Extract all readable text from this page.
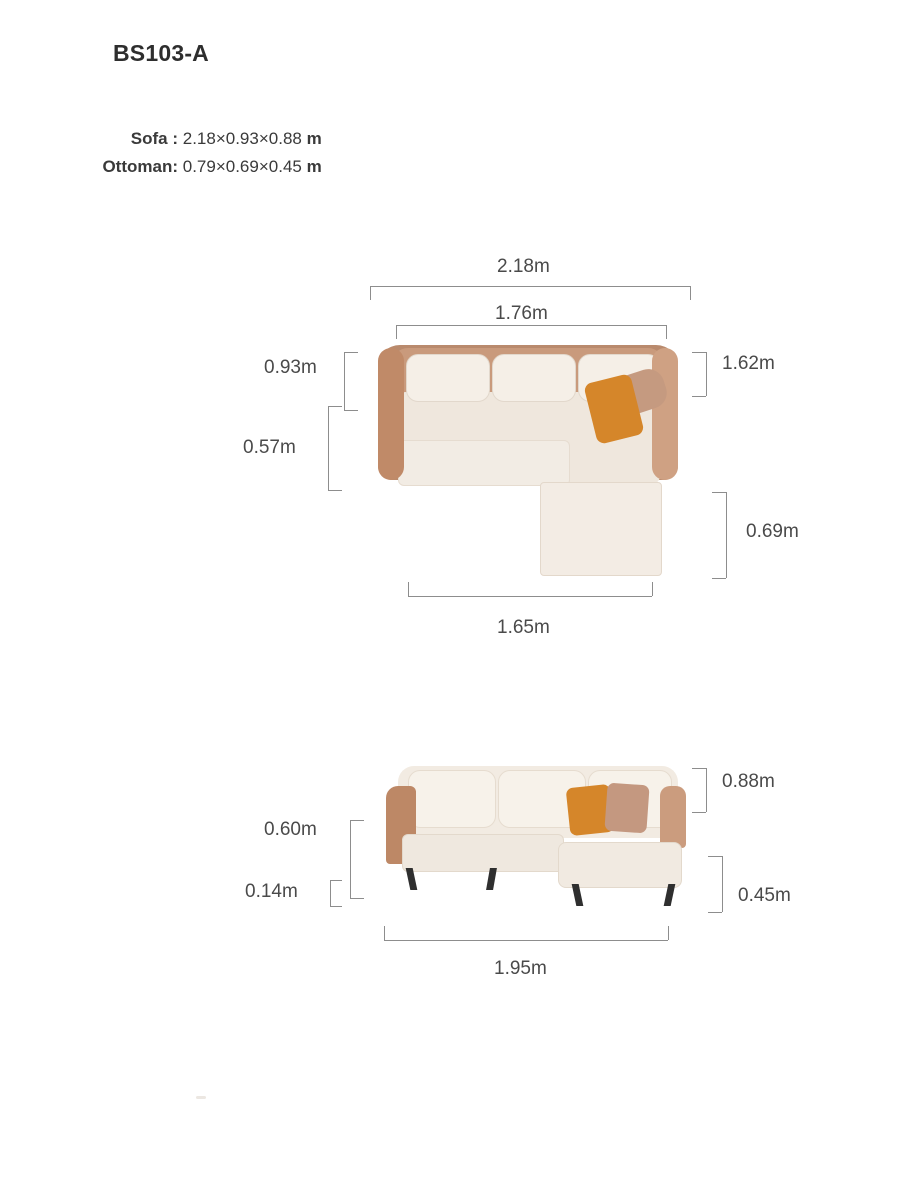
BS103-A
Sofa : 2.18×0.93×0.88 m
Ottoman: 0.79×0.69×0.45 m
2.18m
1.76m
0.93m
0.57m
1.62m
0.69m
1.65m
0.88m
0.60m
0.14m	0.45m
1.95m
